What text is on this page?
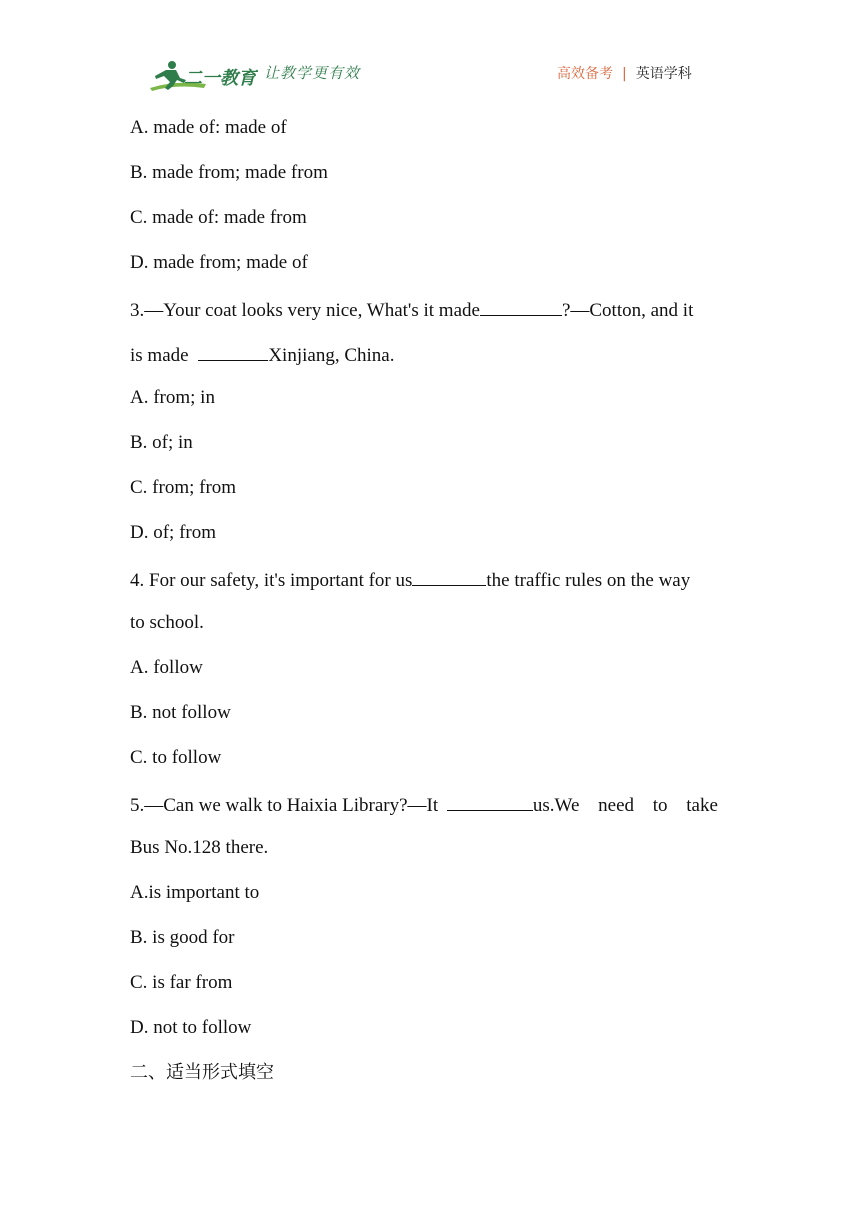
二一教育 让教学更有效	高效备考 | 英语学科
A. made of: made of
B. made from; made from
C. made of: made from
D. made from; made of
3.—Your coat looks very nice, What's it made	?—Cotton, and it
is made	Xinjiang, China.
A. from; in
B. of; in
C. from; from
D. of; from
4. For our safety, it's important for us	the traffic rules on the way
to school.
A. follow
B. not follow
C. to follow
5.—Can we walk to Haixia Library?—It	us.We need to take
Bus No.128 there.
A.is important to
B. is good for
C. is far from
D. not to follow
二、适当形式填空
